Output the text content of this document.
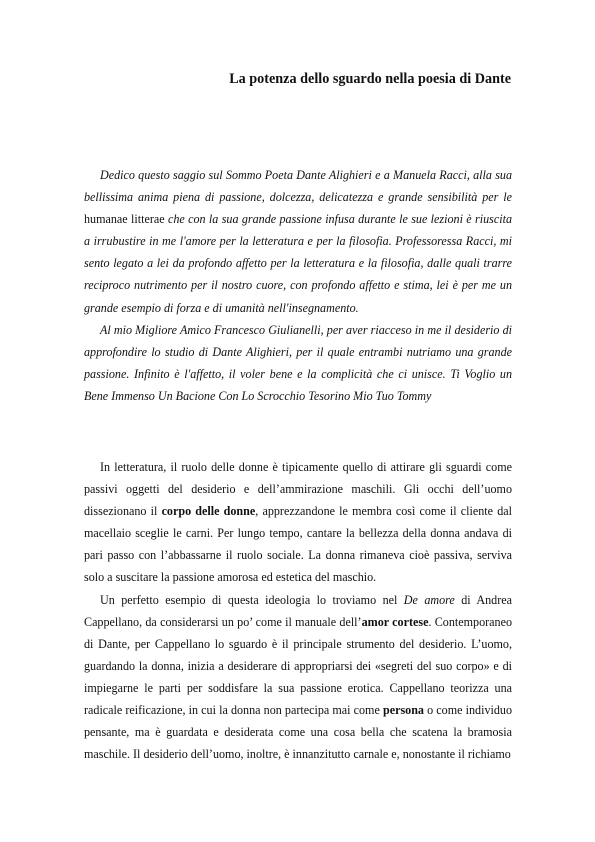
La potenza dello sguardo nella poesia di Dante

Dedico questo saggio sul Sommo Poeta Dante Alighieri e a Manuela Racci, alla sua bellissima anima piena di passione, dolcezza, delicatezza e grande sensibilità per le humanae litterae che con la sua grande passione infusa durante le sue lezioni è riuscita a irrubustire in me l'amore per la letteratura e per la filosofia. Professoressa Racci, mi sento legato a lei da profondo affetto per la letteratura e la filosofia, dalle quali trarre reciproco nutrimento per il nostro cuore, con profondo affetto e stima, lei è per me un grande esempio di forza e di umanità nell'insegnamento.

Al mio Migliore Amico Francesco Giulianelli, per aver riacceso in me il desiderio di approfondire lo studio di Dante Alighieri, per il quale entrambi nutriamo una grande passione. Infinito è l'affetto, il voler bene e la complicità che ci unisce. Ti Voglio un Bene Immenso Un Bacione Con Lo Scrocchio Tesorino Mio Tuo Tommy

In letteratura, il ruolo delle donne è tipicamente quello di attirare gli sguardi come passivi oggetti del desiderio e dell’ammirazione maschili. Gli occhi dell’uomo dissezionano il corpo delle donne, apprezzandone le membra così come il cliente dal macellaio sceglie le carni. Per lungo tempo, cantare la bellezza della donna andava di pari passo con l’abbassarne il ruolo sociale. La donna rimaneva cioè passiva, serviva solo a suscitare la passione amorosa ed estetica del maschio.

Un perfetto esempio di questa ideologia lo troviamo nel De amore di Andrea Cappellano, da considerarsi un po’ come il manuale dell’amor cortese. Contemporaneo di Dante, per Cappellano lo sguardo è il principale strumento del desiderio. L’uomo, guardando la donna, inizia a desiderare di appropriarsi dei «segreti del suo corpo» e di impiegarne le parti per soddisfare la sua passione erotica. Cappellano teorizza una radicale reificazione, in cui la donna non partecipa mai come persona o come individuo pensante, ma è guardata e desiderata come una cosa bella che scatena la bramosia maschile. Il desiderio dell’uomo, inoltre, è innanzitutto carnale e, nonostante il richiamo
